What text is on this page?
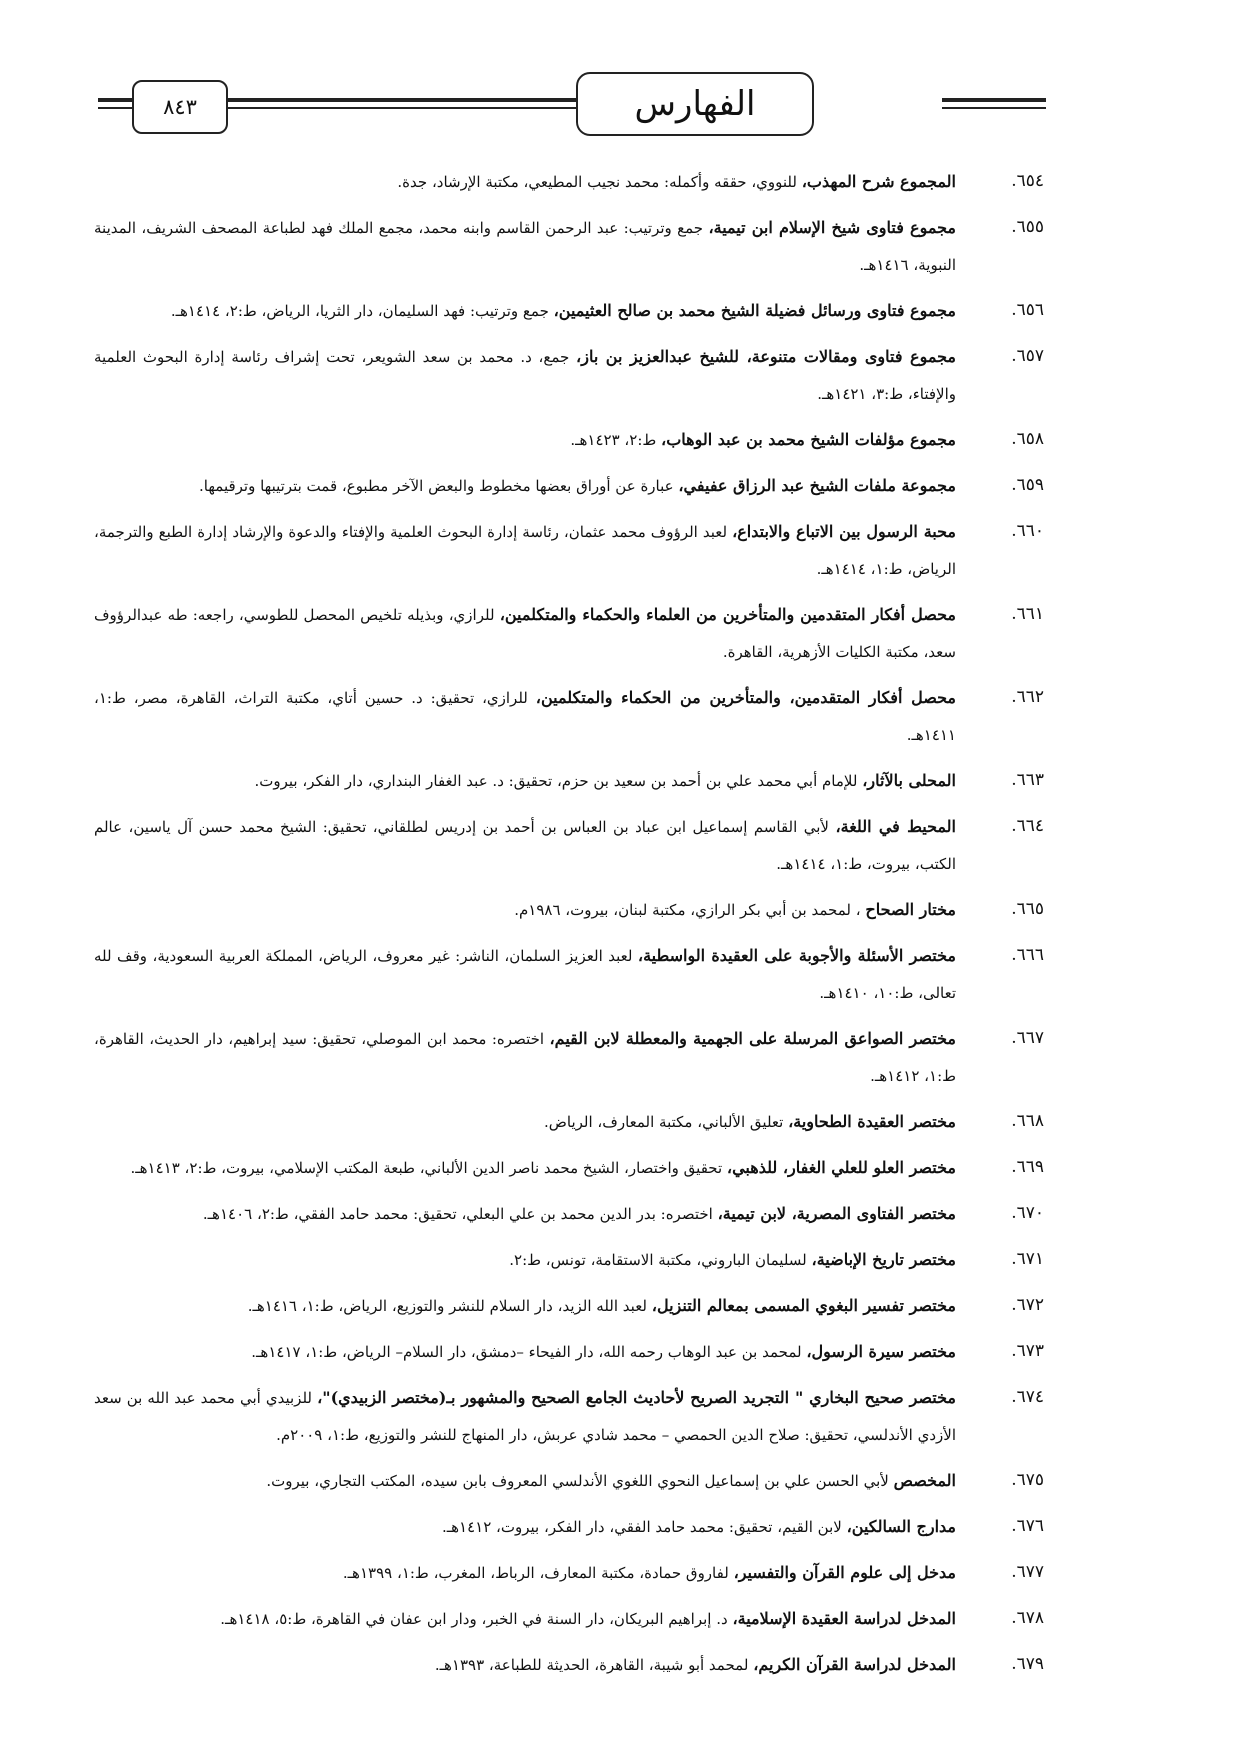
الفهارس
٨٤٣
٦٥٤.
المجموع شرح المهذب، للنووي، حققه وأكمله: محمد نجيب المطيعي، مكتبة الإرشاد، جدة.
٦٥٥.
مجموع فتاوى شيخ الإسلام ابن تيمية، جمع وترتيب: عبد الرحمن القاسم وابنه محمد، مجمع الملك فهد لطباعة المصحف الشريف، المدينة النبوية، ١٤١٦هـ.
٦٥٦.
مجموع فتاوى ورسائل فضيلة الشيخ محمد بن صالح العثيمين، جمع وترتيب: فهد السليمان، دار الثريا، الرياض، ط:٢، ١٤١٤هـ.
٦٥٧.
مجموع فتاوى ومقالات متنوعة، للشيخ عبدالعزيز بن باز، جمع، د. محمد بن سعد الشويعر، تحت إشراف رئاسة إدارة البحوث العلمية والإفتاء، ط:٣، ١٤٢١هـ.
٦٥٨.
مجموع مؤلفات الشيخ محمد بن عبد الوهاب، ط:٢، ١٤٢٣هـ.
٦٥٩.
مجموعة ملفات الشيخ عبد الرزاق عفيفي، عبارة عن أوراق بعضها مخطوط والبعض الآخر مطبوع، قمت بترتيبها وترقيمها.
٦٦٠.
محبة الرسول بين الاتباع والابتداع، لعبد الرؤوف محمد عثمان، رئاسة إدارة البحوث العلمية والإفتاء والدعوة والإرشاد إدارة الطبع والترجمة، الرياض، ط:١، ١٤١٤هـ.
٦٦١.
محصل أفكار المتقدمين والمتأخرين من العلماء والحكماء والمتكلمين، للرازي، وبذيله تلخيص المحصل للطوسي، راجعه: طه عبدالرؤوف سعد، مكتبة الكليات الأزهرية، القاهرة.
٦٦٢.
محصل أفكار المتقدمين، والمتأخرين من الحكماء والمتكلمين، للرازي، تحقيق: د. حسين أتاي، مكتبة التراث، القاهرة، مصر، ط:١، ١٤١١هـ.
٦٦٣.
المحلى بالآثار، للإمام أبي محمد علي بن أحمد بن سعيد بن حزم، تحقيق: د. عبد الغفار البنداري، دار الفكر، بيروت.
٦٦٤.
المحيط في اللغة، لأبي القاسم إسماعيل ابن عباد بن العباس بن أحمد بن إدريس لطلقاني، تحقيق: الشيخ محمد حسن آل ياسين، عالم الكتب، بيروت، ط:١، ١٤١٤هـ.
٦٦٥.
مختار الصحاح ، لمحمد بن أبي بكر الرازي، مكتبة لبنان، بيروت، ١٩٨٦م.
٦٦٦.
مختصر الأسئلة والأجوبة على العقيدة الواسطية، لعبد العزيز السلمان، الناشر: غير معروف، الرياض، المملكة العربية السعودية، وقف لله تعالى، ط:١٠، ١٤١٠هـ.
٦٦٧.
مختصر الصواعق المرسلة على الجهمية والمعطلة لابن القيم، اختصره: محمد ابن الموصلي، تحقيق: سيد إبراهيم، دار الحديث، القاهرة، ط:١، ١٤١٢هـ.
٦٦٨.
مختصر العقيدة الطحاوية، تعليق الألباني، مكتبة المعارف، الرياض.
٦٦٩.
مختصر العلو للعلي الغفار، للذهبي، تحقيق واختصار، الشيخ محمد ناصر الدين الألباني، طبعة المكتب الإسلامي، بيروت، ط:٢، ١٤١٣هـ.
٦٧٠.
مختصر الفتاوى المصرية، لابن تيمية، اختصره: بدر الدين محمد بن علي البعلي، تحقيق: محمد حامد الفقي، ط:٢، ١٤٠٦هـ.
٦٧١.
مختصر تاريخ الإباضية، لسليمان الباروني، مكتبة الاستقامة، تونس، ط:٢.
٦٧٢.
مختصر تفسير البغوي المسمى بمعالم التنزيل، لعبد الله الزيد، دار السلام للنشر والتوزيع، الرياض، ط:١، ١٤١٦هـ.
٦٧٣.
مختصر سيرة الرسول، لمحمد بن عبد الوهاب رحمه الله، دار الفيحاء –دمشق، دار السلام– الرياض، ط:١، ١٤١٧هـ.
٦٧٤.
مختصر صحيح البخاري " التجريد الصريح لأحاديث الجامع الصحيح والمشهور بـ(مختصر الزبيدي)"، للزبيدي أبي محمد عبد الله بن سعد الأزدي الأندلسي، تحقيق: صلاح الدين الحمصي – محمد شادي عربش، دار المنهاج للنشر والتوزيع، ط:١، ٢٠٠٩م.
٦٧٥.
المخصص لأبي الحسن علي بن إسماعيل النحوي اللغوي الأندلسي المعروف بابن سيده، المكتب التجاري، بيروت.
٦٧٦.
مدارج السالكين، لابن القيم، تحقيق: محمد حامد الفقي، دار الفكر، بيروت، ١٤١٢هـ.
٦٧٧.
مدخل إلى علوم القرآن والتفسير، لفاروق حمادة، مكتبة المعارف، الرباط، المغرب، ط:١، ١٣٩٩هـ.
٦٧٨.
المدخل لدراسة العقيدة الإسلامية، د. إبراهيم البريكان، دار السنة في الخبر، ودار ابن عفان في القاهرة، ط:٥، ١٤١٨هـ.
٦٧٩.
المدخل لدراسة القرآن الكريم، لمحمد أبو شيبة، القاهرة، الحديثة للطباعة، ١٣٩٣هـ.
